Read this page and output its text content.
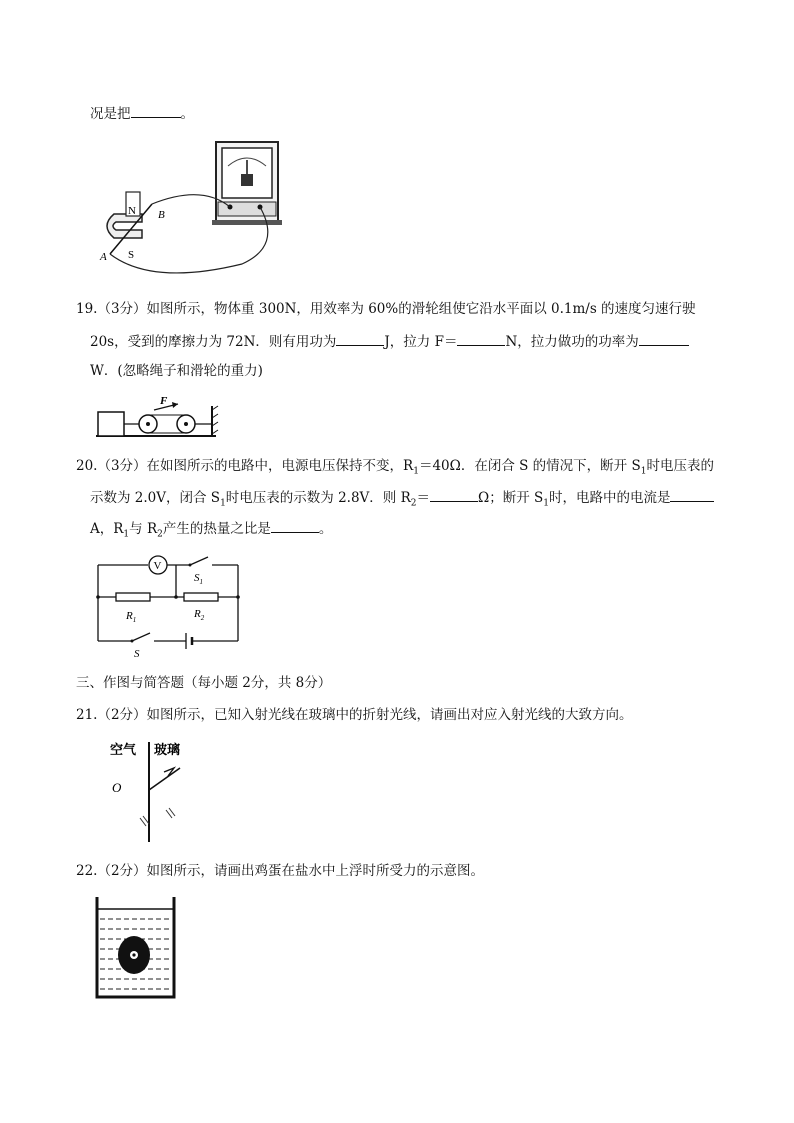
况是把	。
N B
A S
19.（3分）如图所示，物体重 300N，用效率为 60%的滑轮组使它沿水平面以 0.1m/s 的速度匀速行驶
20s，受到的摩擦力为 72N．则有用功为	J，拉力 F＝	N，拉力做功的功率为
W．(忽略绳子和滑轮的重力)
F
20.（3分）在如图所示的电路中，电源电压保持不变，$R_1=40\Omega$．在闭合 S 的情况下，断开 $S_1$时电压表的
示数为 2.0V，闭合 $S_1$时电压表的示数为 2.8V．则 $R_2=$	Ω；断开 $S_1$时，电路中的电流是
A，$R_1$与 $R_2$产生的热量之比是	。
V
$S_1$
$R_1$	$R_2$
S
三、作图与简答题（每小题 2分，共 8分）
21.（2分）如图所示，已知入射光线在玻璃中的折射光线，请画出对应入射光线的大致方向。
空气 玻璃
O
22.（2分）如图所示，请画出鸡蛋在盐水中上浮时所受力的示意图。
